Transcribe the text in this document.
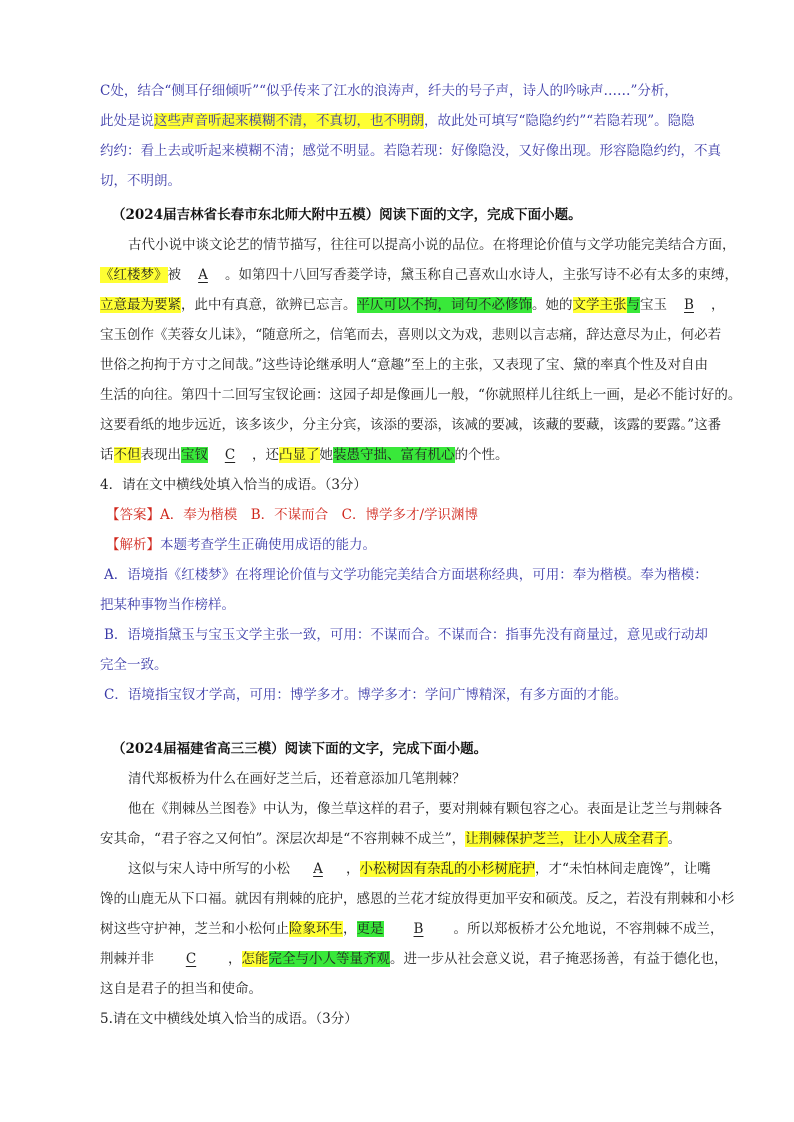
C处，结合“侧耳仔细倾听”“似乎传来了江水的浪涛声，纤夫的号子声，诗人的吟咏声……”分析，
此处是说这些声音听起来模糊不清，不真切，也不明朗，故此处可填写“隐隐约约”“若隐若现”。隐隐
约约：看上去或听起来模糊不清；感觉不明显。若隐若现：好像隐没，又好像出现。形容隐隐约约，不真
切，不明朗。
（2024届吉林省长春市东北师大附中五模）阅读下面的文字，完成下面小题。
古代小说中谈文论艺的情节描写，往往可以提高小说的品位。在将理论价值与文学功能完美结合方面，
《红楼梦》被 A 。如第四十八回写香菱学诗，黛玉称自己喜欢山水诗人，主张写诗不必有太多的束缚，
立意最为要紧，此中有真意，欲辨已忘言。平仄可以不拘，词句不必修饰。她的文学主张与宝玉 B ，
宝玉创作《芙蓉女儿诔》，“随意所之，信笔而去，喜则以文为戏，悲则以言志痛，辞达意尽为止，何必若
世俗之拘拘于方寸之间哉。”这些诗论继承明人“意趣”至上的主张，又表现了宝、黛的率真个性及对自由
生活的向往。第四十二回写宝钗论画：这园子却是像画儿一般，“你就照样儿往纸上一画，是必不能讨好的。
这要看纸的地步远近，该多该少，分主分宾，该添的要添，该减的要减，该藏的要藏，该露的要露。”这番
话不但表现出宝钗 C ，还凸显了她装愚守拙、富有机心的个性。
4．请在文中横线处填入恰当的成语。（3分）
【答案】A．奉为楷模　B．不谋而合　C．博学多才/学识渊博
【解析】本题考查学生正确使用成语的能力。
A．语境指《红楼梦》在将理论价值与文学功能完美结合方面堪称经典，可用：奉为楷模。奉为楷模：
把某种事物当作榜样。
B．语境指黛玉与宝玉文学主张一致，可用：不谋而合。不谋而合：指事先没有商量过，意见或行动却
完全一致。
C．语境指宝钗才学高，可用：博学多才。博学多才：学问广博精深，有多方面的才能。
（2024届福建省高三三模）阅读下面的文字，完成下面小题。
清代郑板桥为什么在画好芝兰后，还着意添加几笔荆棘？
他在《荆棘丛兰图卷》中认为，像兰草这样的君子，要对荆棘有颗包容之心。表面是让芝兰与荆棘各
安其命，“君子容之又何怕”。深层次却是“不容荆棘不成兰”，让荆棘保护芝兰，让小人成全君子。
这似与宋人诗中所写的小松 A ，小松树因有杂乱的小杉树庇护，才“未怕林间走鹿馋”，让嘴
馋的山鹿无从下口福。就因有荆棘的庇护，感恩的兰花才绽放得更加平安和硕茂。反之，若没有荆棘和小杉
树这些守护神，芝兰和小松何止险象环生，更是 B 。所以郑板桥才公允地说，不容荆棘不成兰，
荆棘并非 C ，怎能完全与小人等量齐观。进一步从社会意义说，君子掩恶扬善，有益于德化也，
这自是君子的担当和使命。
5.请在文中横线处填入恰当的成语。（3分）
